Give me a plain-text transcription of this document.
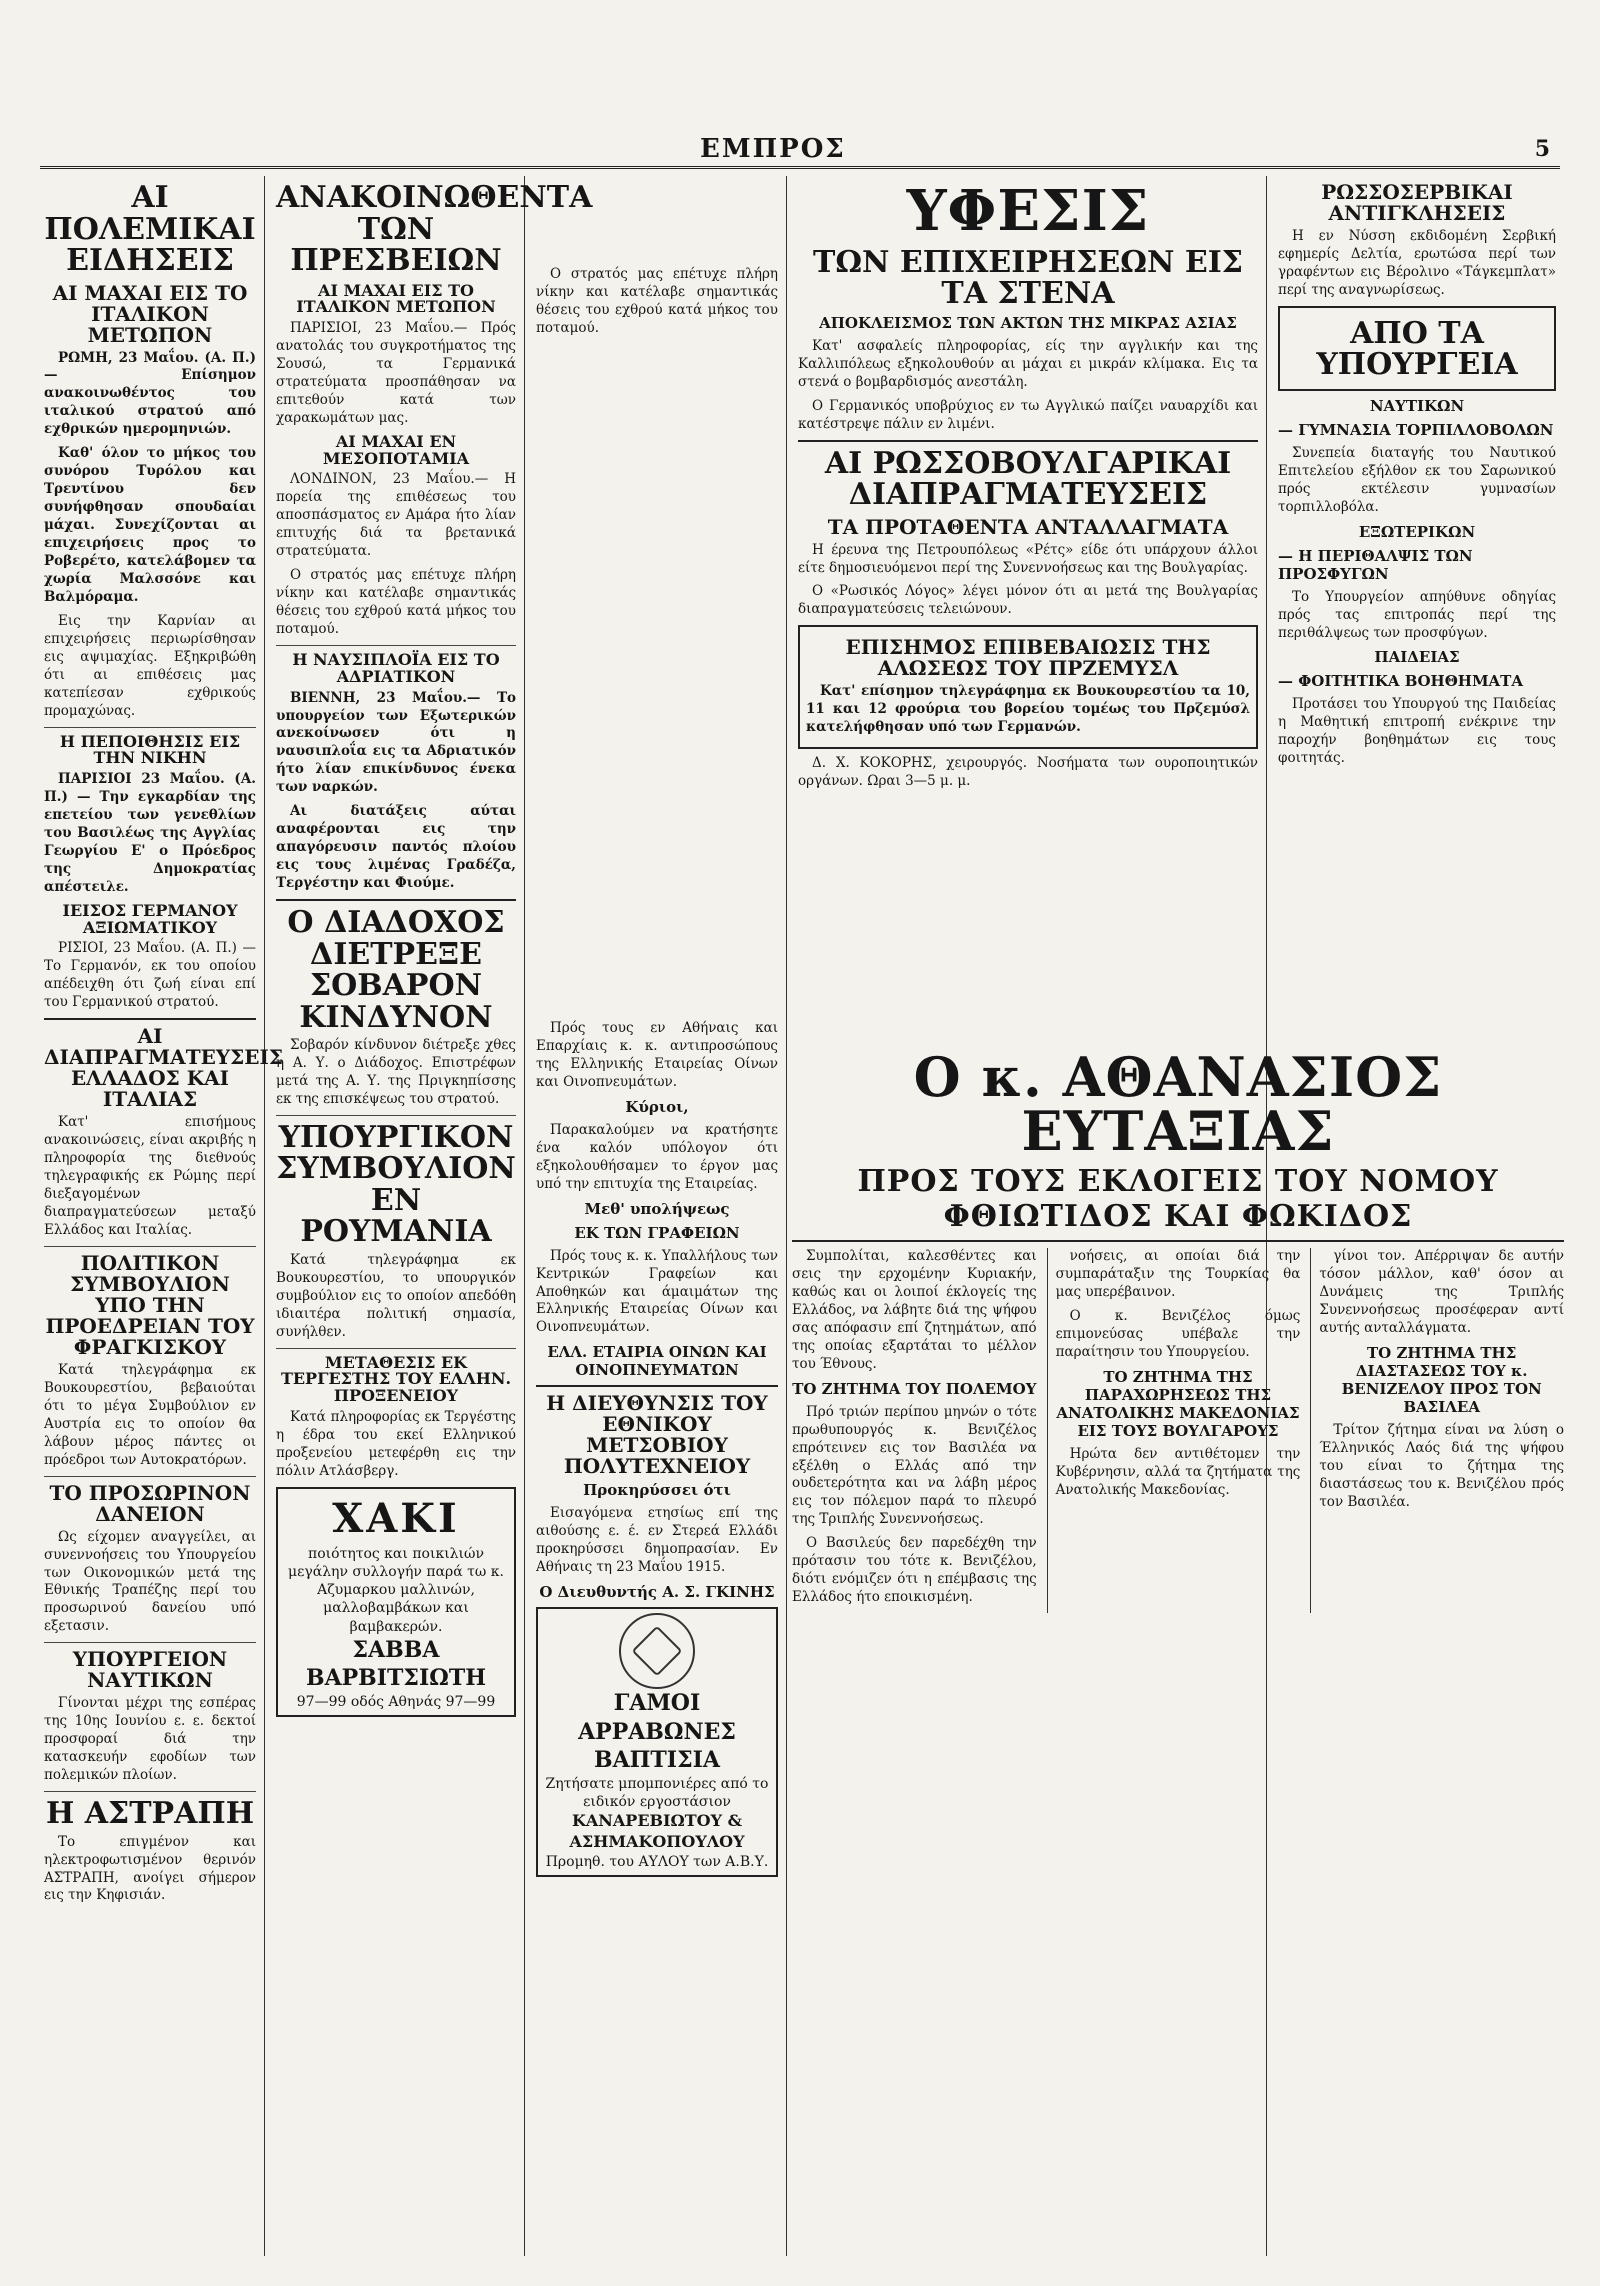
ΕΜΠΡΟΣ	5
ΑΙ ΠΟΛΕΜΙΚΑΙ ΕΙΔΗΣΕΙΣ
ΑΙ ΜΑΧΑΙ ΕΙΣ ΤΟ ΙΤΑΛΙΚΟΝ ΜΕΤΩΠΟΝ

ΡΩΜΗ, 23 Μαΐου. (Α. Π.) — Επίσημον ανακοινωθέντος του ιταλικού στρατού από εχθρικών ημερομηνιών.

Καθ' όλον το μήκος του συνόρου Τυρόλου και Τρεντίνου δεν συνήφθησαν σπουδαίαι μάχαι. Συνεχίζονται αι επιχειρήσεις προς το Ροβερέτο, κατελάβομεν τα χωρία Μαλσσόνε και Βαλμόραμα.

Εις την Καρνίαν αι επιχειρήσεις περιωρίσθησαν εις αψιμαχίας. Εξηκριβώθη ότι αι επιθέσεις μας κατεπίεσαν εχθρικούς προμαχώνας.

Η ΠΕΠΟΙΘΗΣΙΣ ΕΙΣ ΤΗΝ ΝΙΚΗΝ

ΠΑΡΙΣΙΟΙ 23 Μαΐου. (Α. Π.) — Την εγκαρδίαν της επετείου των γενεθλίων του Βασιλέως της Αγγλίας Γεωργίου Ε' ο Πρόεδρος της Δημοκρατίας απέστειλε.

ΙΕΙΣΟΣ ΓΕΡΜΑΝΟΥ ΑΞΙΩΜΑΤΙΚΟΥ

ΡΙΣΙΟΙ, 23 Μαΐου. (Α. Π.) — Το Γερμανόν, εκ του οποίου απέδειχθη ότι ζωή είναι επί του Γερμανικού στρατού.

ΑΙ ΔΙΑΠΡΑΓΜΑΤΕΥΣΕΙΣ ΕΛΛΑΔΟΣ ΚΑΙ ΙΤΑΛΙΑΣ

Κατ' επισήμους ανακοινώσεις, είναι ακριβής η πληροφορία της διεθνούς τηλεγραφικής εκ Ρώμης περί διεξαγομένων διαπραγματεύσεων μεταξύ Ελλάδος και Ιταλίας.

ΠΟΛΙΤΙΚΟΝ ΣΥΜΒΟΥΛΙΟΝ ΥΠΟ ΤΗΝ ΠΡΟΕΔΡΕΙΑΝ ΤΟΥ ΦΡΑΓΚΙΣΚΟΥ

Κατά τηλεγράφημα εκ Βουκουρεστίου, βεβαιούται ότι το μέγα Συμβούλιον εν Αυστρία εις το οποίον θα λάβουν μέρος πάντες οι πρόεδροι των Αυτοκρατόρων.

ΤΟ ΠΡΟΣΩΡΙΝΟΝ ΔΑΝΕΙΟΝ

Ως είχομεν αναγγείλει, αι συνεννοήσεις του Υπουργείου των Οικονομικών μετά της Εθνικής Τραπέζης περί του προσωρινού δανείου υπό εξετασιν.

ΥΠΟΥΡΓΕΙΟΝ ΝΑΥΤΙΚΩΝ

Γίνονται μέχρι της εσπέρας της 10ης Ιουνίου ε. ε. δεκτοί προσφοραί διά την κατασκευήν εφοδίων των πολεμικών πλοίων.

Η ΑΣΤΡΑΠΗ

Το επιγμένον και ηλεκτροφωτισμένον θερινόν ΑΣΤΡΑΠΗ, ανοίγει σήμερον εις την Κηφισιάν.

ΑΝΑΚΟΙΝΩΘΕΝΤΑ ΤΩΝ ΠΡΕΣΒΕΙΩΝ
ΑΙ ΜΑΧΑΙ ΕΙΣ ΤΟ ΙΤΑΛΙΚΟΝ ΜΕΤΩΠΟΝ

ΠΑΡΙΣΙΟΙ, 23 Μαΐου.— Πρός ανατολάς του συγκροτήματος της Σουσώ, τα Γερμανικά στρατεύματα προσπάθησαν να επιτεθούν κατά των χαρακωμάτων μας.

ΑΙ ΜΑΧΑΙ ΕΝ ΜΕΣΟΠΟΤΑΜΙΑ

ΛΟΝΔΙΝΟΝ, 23 Μαΐου.— Η πορεία της επιθέσεως του αποσπάσματος εν Αμάρα ήτο λίαν επιτυχής διά τα βρετανικά στρατεύματα.

Ο στρατός μας επέτυχε πλήρη νίκην και κατέλαβε σημαντικάς θέσεις του εχθρού κατά μήκος του ποταμού.

Η ΝΑΥΣΙΠΛΟΪΑ ΕΙΣ ΤΟ ΑΔΡΙΑΤΙΚΟΝ

ΒΙΕΝΝΗ, 23 Μαΐου.— Το υπουργείον των Εξωτερικών ανεκοίνωσεν ότι η ναυσιπλοΐα εις τα Αδριατικόν ήτο λίαν επικίνδυνος ένεκα των ναρκών.

Αι διατάξεις αύται αναφέρονται εις την απαγόρευσιν παντός πλοίου εις τους λιμένας Γραδέζα, Τεργέστην και Φιούμε.

Ο ΔΙΑΔΟΧΟΣ ΔΙΕΤΡΕΞΕ ΣΟΒΑΡΟΝ ΚΙΝΔΥΝΟΝ

Σοβαρόν κίνδυνον διέτρεξε χθες η Α. Υ. ο Διάδοχος. Επιστρέφων μετά της Α. Υ. της Πριγκηπίσσης εκ της επισκέψεως του στρατού.

ΥΠΟΥΡΓΙΚΟΝ ΣΥΜΒΟΥΛΙΟΝ ΕΝ ΡΟΥΜΑΝΙΑ

Κατά τηλεγράφημα εκ Βουκουρεστίου, το υπουργικόν συμβούλιον εις το οποίον απεδόθη ιδιαιτέρα πολιτική σημασία, συνήλθεν.

ΜΕΤΑΘΕΣΙΣ ΕΚ ΤΕΡΓΕΣΤΗΣ ΤΟΥ ΕΛΛΗΝ. ΠΡΟΞΕΝΕΙΟΥ

Κατά πληροφορίας εκ Τεργέστης η έδρα του εκεί Ελληνικού προξενείου μετεφέρθη εις την πόλιν Ατλάσβεργ.

ΧΑΚΙ
ποιότητος και ποικιλιών μεγάλην συλλογήν παρά τω κ. Αζυμαρκου μαλλινών, μαλλοβαμβάκων και βαμβακερών.
ΣΑΒΒΑ ΒΑΡΒΙΤΣΙΩΤΗ
97—99 οδός Αθηνάς 97—99

Πρός τους εν Αθήναις και Επαρχίαις κ. κ. αντιπροσώπους της Ελληνικής Εταιρείας Οίνων και Οινοπνευμάτων.

Κύριοι,

Παρακαλούμεν να κρατήσητε ένα καλόν υπόλογον ότι εξηκολουθήσαμεν το έργον μας υπό την επιτυχία της Εταιρείας.

Μεθ' υπολήψεως
ΕΚ ΤΩΝ ΓΡΑΦΕΙΩΝ

Πρός τους κ. κ. Υπαλλήλους των Κεντρικών Γραφείων και Αποθηκών και άμαιμάτων της Ελληνικής Εταιρείας Οίνων και Οινοπνευμάτων.

ΕΛΛ. ΕΤΑΙΡΙΑ ΟΙΝΩΝ ΚΑΙ ΟΙΝΟΠΝΕΥΜΑΤΩΝ
Η ΔΙΕΥΘΥΝΣΙΣ ΤΟΥ ΕΘΝΙΚΟΥ ΜΕΤΣΟΒΙΟΥ ΠΟΛΥΤΕΧΝΕΙΟΥ
Προκηρύσσει ότι

Εισαγόμενα ετησίως επί της αιθούσης ε. έ. εν Στερεά Ελλάδι προκηρύσσει δημοπρασίαν. Εν Αθήναις τη 23 Μαΐου 1915.

Ο Διευθυντής Α. Σ. ΓΚΙΝΗΣ
ΓΑΜΟΙ
ΑΡΡΑΒΩΝΕΣ
ΒΑΠΤΙΣΙΑ
Ζητήσατε μπομπονιέρες από το ειδικόν εργοστάσιον
ΚΑΝΑΡΕΒΙΩΤΟΥ & ΑΣΗΜΑΚΟΠΟΥΛΟΥ
Προμηθ. του ΑΥΛΟΥ των Α.Β.Υ.

Ο στρατός μας επέτυχε πλήρη νίκην και κατέλαβε σημαντικάς θέσεις του εχθρού κατά μήκος του ποταμού.

ΥΦΕΣΙΣ
ΤΩΝ ΕΠΙΧΕΙΡΗΣΕΩΝ ΕΙΣ ΤΑ ΣΤΕΝΑ
ΑΠΟΚΛΕΙΣΜΟΣ ΤΩΝ ΑΚΤΩΝ ΤΗΣ ΜΙΚΡΑΣ ΑΣΙΑΣ

Κατ' ασφαλείς πληροφορίας, είς την αγγλικήν και της Καλλιπόλεως εξηκολουθούν αι μάχαι ει μικράν κλίμακα. Εις τα στενά ο βομβαρδισμός ανεστάλη.

Ο Γερμανικός υποβρύχιος εν τω Αγγλικώ παίζει ναυαρχίδι και κατέστρεψε πάλιν εν λιμένι.

ΑΙ ΡΩΣΣΟΒΟΥΛΓΑΡΙΚΑΙ ΔΙΑΠΡΑΓΜΑΤΕΥΣΕΙΣ
ΤΑ ΠΡΟΤΑΘΕΝΤΑ ΑΝΤΑΛΛΑΓΜΑΤΑ

Η έρευνα της Πετρουπόλεως «Ρέτς» είδε ότι υπάρχουν άλλοι είτε δημοσιευόμενοι περί της Συνεννοήσεως και της Βουλγαρίας.

Ο «Ρωσικός Λόγος» λέγει μόνον ότι αι μετά της Βουλγαρίας διαπραγματεύσεις τελειώνουν.

ΕΠΙΣΗΜΟΣ ΕΠΙΒΕΒΑΙΩΣΙΣ ΤΗΣ ΑΛΩΣΕΩΣ ΤΟΥ ΠΡΖΕΜΥΣΛ

Κατ' επίσημον τηλεγράφημα εκ Βουκουρεστίου τα 10, 11 και 12 φρούρια του βορείου τομέως του Πρζεμύσλ κατελήφθησαν υπό των Γερμανών.

Δ. Χ. ΚΟΚΟΡΗΣ, χειρουργός. Νοσήματα των ουροποιητικών οργάνων. Ωραι 3—5 μ. μ.

ΡΩΣΣΟΣΕΡΒΙΚΑΙ ΑΝΤΙΓΚΛΗΣΕΙΣ

Η εν Νύσση εκδιδομένη Σερβική εφημερίς Δελτία, ερωτώσα περί των γραφέντων εις Βέρολινο «Τάγκεμπλατ» περί της αναγνωρίσεως.

ΑΠΟ ΤΑ ΥΠΟΥΡΓΕΙΑ
ΝΑΥΤΙΚΩΝ
— ΓΥΜΝΑΣΙΑ ΤΟΡΠΙΛΛΟΒΟΛΩΝ

Συνεπεία διαταγής του Ναυτικού Επιτελείου εξήλθον εκ του Σαρωνικού πρός εκτέλεσιν γυμνασίων τορπιλλοβόλα.

ΕΞΩΤΕΡΙΚΩΝ
— Η ΠΕΡΙΘΑΛΨΙΣ ΤΩΝ ΠΡΟΣΦΥΓΩΝ

Το Υπουργείον απηύθυνε οδηγίας πρός τας επιτροπάς περί της περιθάλψεως των προσφύγων.

ΠΑΙΔΕΙΑΣ
— ΦΟΙΤΗΤΙΚΑ ΒΟΗΘΗΜΑΤΑ

Προτάσει του Υπουργού της Παιδείας η Μαθητική επιτροπή ενέκρινε την παροχήν βοηθημάτων εις τους φοιτητάς.

Ο κ. ΑΘΑΝΑΣΙΟΣ ΕΥΤΑΞΙΑΣ
ΠΡΟΣ ΤΟΥΣ ΕΚΛΟΓΕΙΣ ΤΟΥ ΝΟΜΟΥ ΦΘΙΩΤΙΔΟΣ ΚΑΙ ΦΩΚΙΔΟΣ

Συμπολίται, καλεσθέντες και σεις την ερχομένην Κυριακήν, καθώς και οι λοιποί έκλογείς της Ελλάδος, να λάβητε διά της ψήφου σας απόφασιν επί ζητημάτων, από της οποίας εξαρτάται το μέλλον του Έθνους.

ΤΟ ΖΗΤΗΜΑ ΤΟΥ ΠΟΛΕΜΟΥ

Πρό τριών περίπου μηνών ο τότε πρωθυπουργός κ. Βενιζέλος επρότεινεν εις τον Βασιλέα να εξέλθη ο Ελλάς από την ουδετερότητα και να λάβη μέρος εις τον πόλεμον παρά το πλευρό της Τριπλής Συνεννοήσεως.

Ο Βασιλεύς δεν παρεδέχθη την πρότασιν του τότε κ. Βενιζέλου, διότι ενόμιζεν ότι η επέμβασις της Ελλάδος ήτο εποικισμένη.

νοήσεις, αι οποίαι διά την συμπαράταξιν της Τουρκίας θα μας υπερέβαινον.

Ο κ. Βενιζέλος όμως επιμονεύσας υπέβαλε την παραίτησιν του Υπουργείου.

ΤΟ ΖΗΤΗΜΑ ΤΗΣ ΠΑΡΑΧΩΡΗΣΕΩΣ ΤΗΣ ΑΝΑΤΟΛΙΚΗΣ ΜΑΚΕΔΟΝΙΑΣ ΕΙΣ ΤΟΥΣ ΒΟΥΛΓΑΡΟΥΣ

Ηρώτα δεν αντιθέτομεν την Κυβέρνησιν, αλλά τα ζητήματα της Ανατολικής Μακεδονίας.

γίνοι τον. Απέρριψαν δε αυτήν τόσον μάλλον, καθ' όσον αι Δυνάμεις της Τριπλής Συνεννοήσεως προσέφεραν αντί αυτής ανταλλάγματα.

ΤΟ ΖΗΤΗΜΑ ΤΗΣ ΔΙΑΣΤΑΣΕΩΣ ΤΟΥ κ. ΒΕΝΙΖΕΛΟΥ ΠΡΟΣ ΤΟΝ ΒΑΣΙΛΕΑ

Τρίτον ζήτημα είναι να λύση ο Έλληνικός Λαός διά της ψήφου του είναι το ζήτημα της διαστάσεως του κ. Βενιζέλου πρός τον Βασιλέα.
